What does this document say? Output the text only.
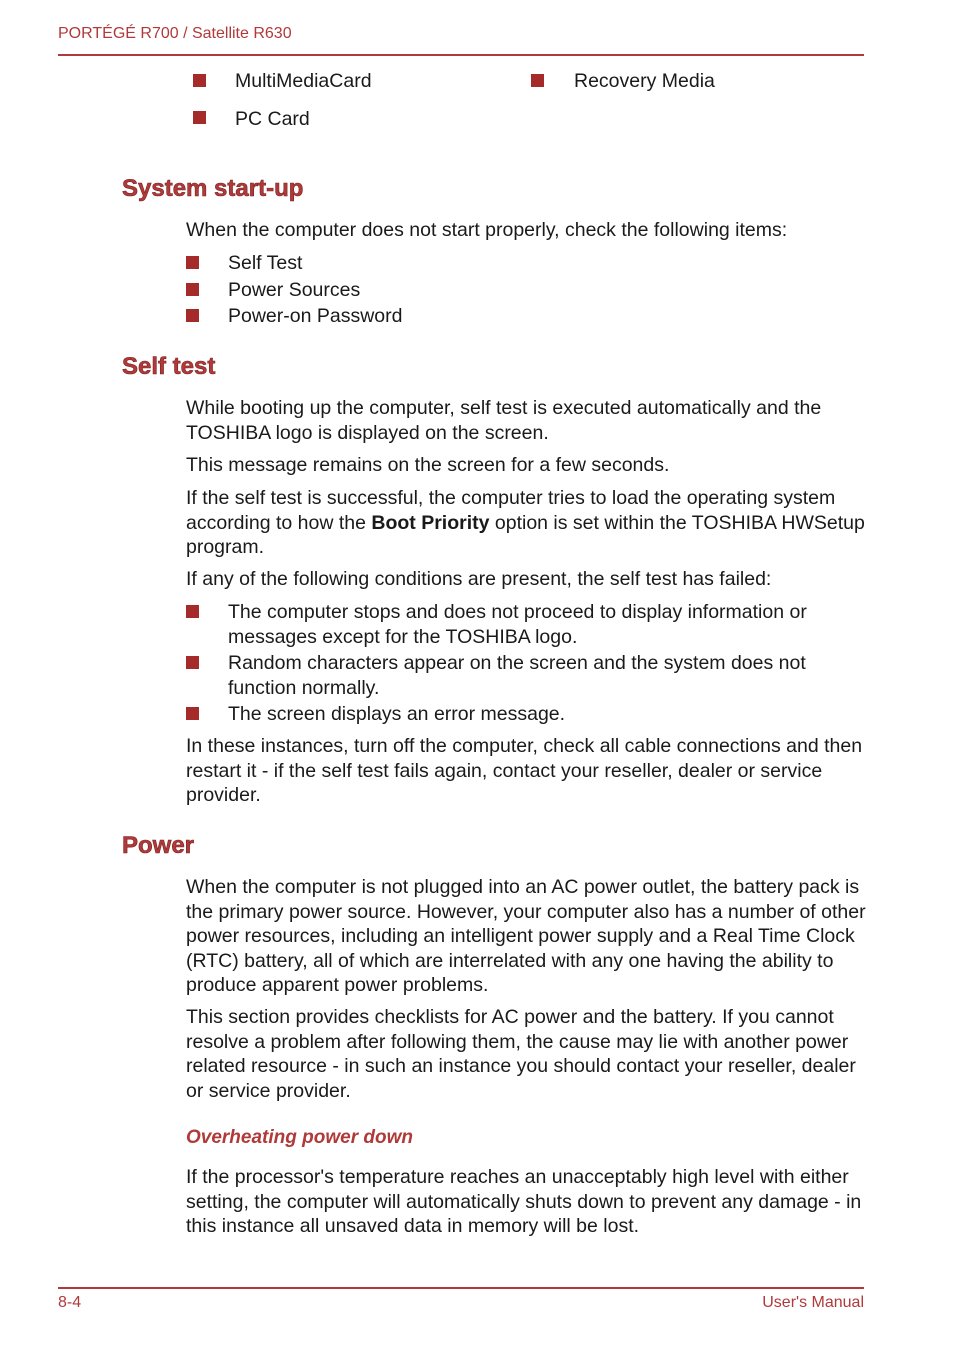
PORTÉGÉ R700 / Satellite R630
MultiMediaCard	Recovery Media
PC Card
System start-up
When the computer does not start properly, check the following items:
Self Test
Power Sources
Power-on Password
Self test
While booting up the computer, self test is executed automatically and the TOSHIBA logo is displayed on the screen.
This message remains on the screen for a few seconds.
If the self test is successful, the computer tries to load the operating system according to how the Boot Priority option is set within the TOSHIBA HWSetup program.
If any of the following conditions are present, the self test has failed:
The computer stops and does not proceed to display information or messages except for the TOSHIBA logo.
Random characters appear on the screen and the system does not function normally.
The screen displays an error message.
In these instances, turn off the computer, check all cable connections and then restart it - if the self test fails again, contact your reseller, dealer or service provider.
Power
When the computer is not plugged into an AC power outlet, the battery pack is the primary power source. However, your computer also has a number of other power resources, including an intelligent power supply and a Real Time Clock (RTC) battery, all of which are interrelated with any one having the ability to produce apparent power problems.
This section provides checklists for AC power and the battery. If you cannot resolve a problem after following them, the cause may lie with another power related resource - in such an instance you should contact your reseller, dealer or service provider.
Overheating power down
If the processor's temperature reaches an unacceptably high level with either setting, the computer will automatically shuts down to prevent any damage - in this instance all unsaved data in memory will be lost.
8-4	User's Manual
